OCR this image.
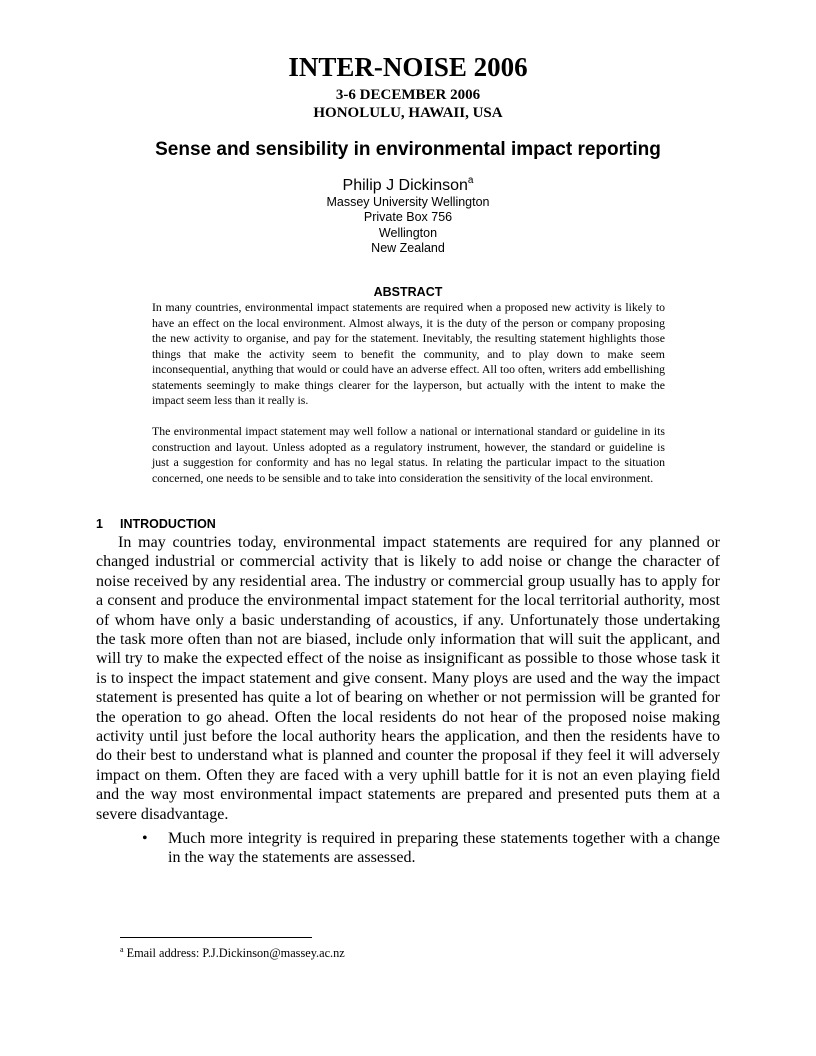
INTER-NOISE 2006
3-6 DECEMBER 2006
HONOLULU, HAWAII, USA
Sense and sensibility in environmental impact reporting
Philip J Dickinson$^a$
Massey University Wellington
Private Box 756
Wellington
New Zealand
ABSTRACT

In many countries, environmental impact statements are required when a proposed new activity is likely to have an effect on the local environment. Almost always, it is the duty of the person or company proposing the new activity to organise, and pay for the statement. Inevitably, the resulting statement highlights those things that make the activity seem to benefit the community, and to play down to make seem inconsequential, anything that would or could have an adverse effect. All too often, writers add embellishing statements seemingly to make things clearer for the layperson, but actually with the intent to make the impact seem less than it really is.

The environmental impact statement may well follow a national or international standard or guideline in its construction and layout. Unless adopted as a regulatory instrument, however, the standard or guideline is just a suggestion for conformity and has no legal status. In relating the particular impact to the situation concerned, one needs to be sensible and to take into consideration the sensitivity of the local environment.

1 INTRODUCTION

In may countries today, environmental impact statements are required for any planned or changed industrial or commercial activity that is likely to add noise or change the character of noise received by any residential area. The industry or commercial group usually has to apply for a consent and produce the environmental impact statement for the local territorial authority, most of whom have only a basic understanding of acoustics, if any. Unfortunately those undertaking the task more often than not are biased, include only information that will suit the applicant, and will try to make the expected effect of the noise as insignificant as possible to those whose task it is to inspect the impact statement and give consent. Many ploys are used and the way the impact statement is presented has quite a lot of bearing on whether or not permission will be granted for the operation to go ahead. Often the local residents do not hear of the proposed noise making activity until just before the local authority hears the application, and then the residents have to do their best to understand what is planned and counter the proposal if they feel it will adversely impact on them. Often they are faced with a very uphill battle for it is not an even playing field and the way most environmental impact statements are prepared and presented puts them at a severe disadvantage.

• Much more integrity is required in preparing these statements together with a change in the way the statements are assessed.
$^a$ Email address: P.J.Dickinson@massey.ac.nz
